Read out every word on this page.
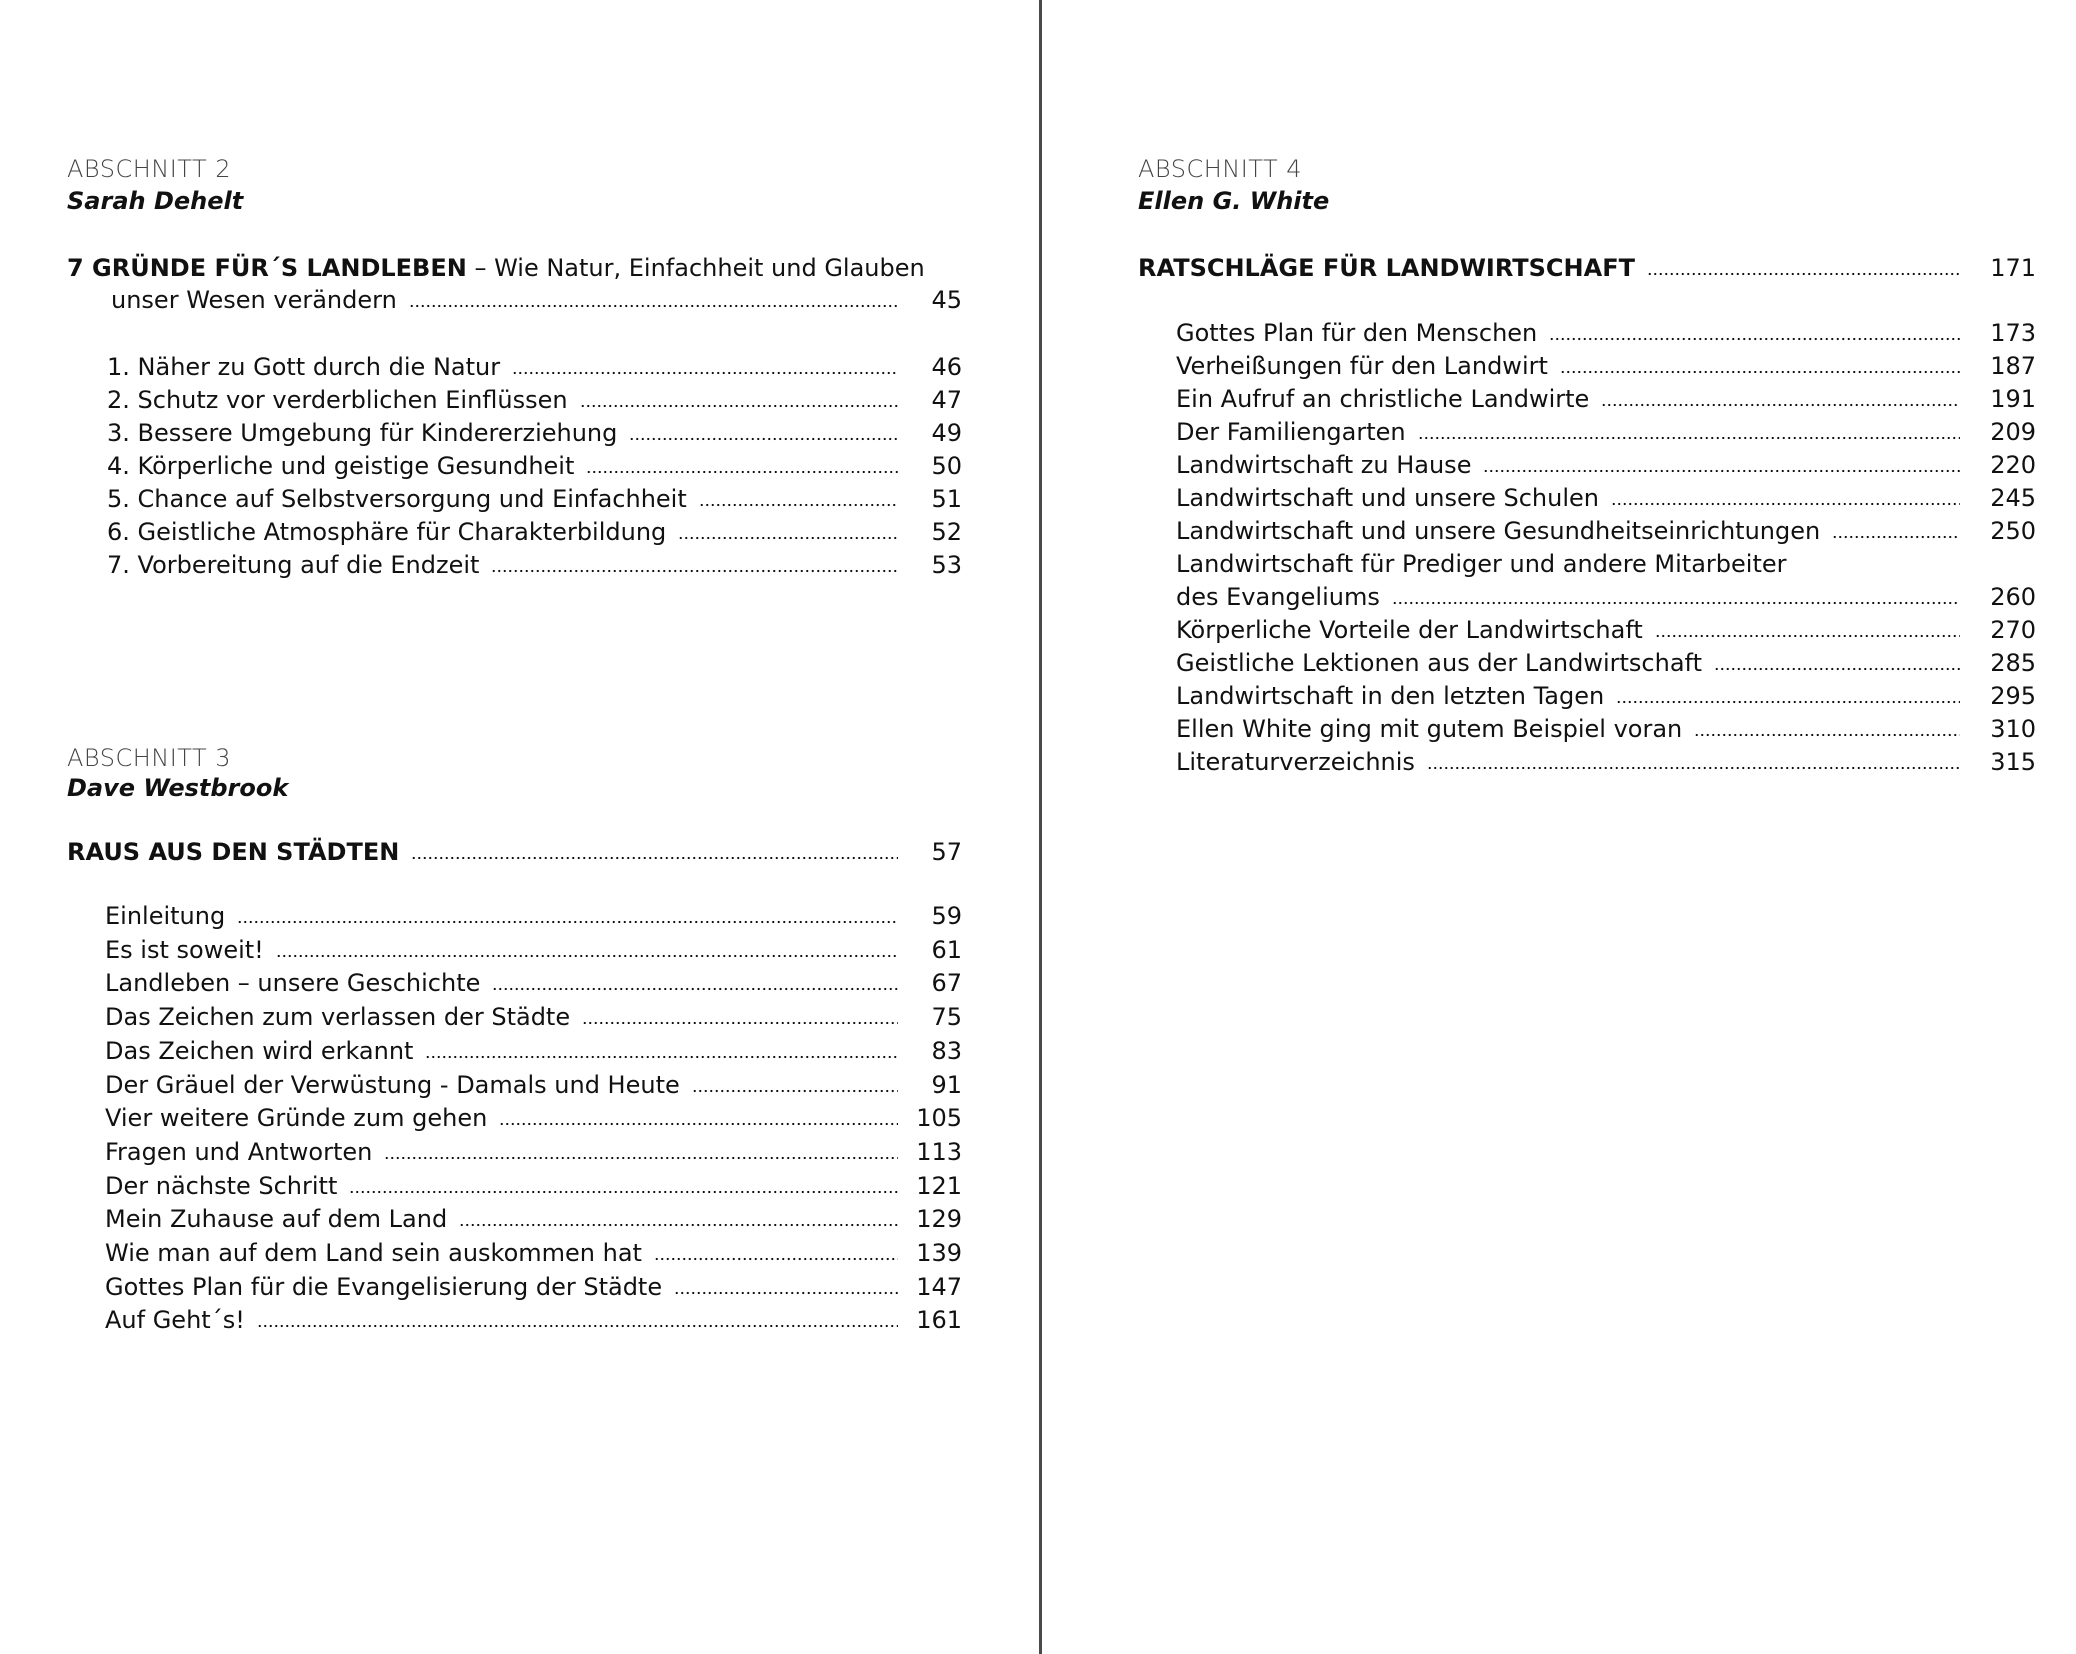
ABSCHNITT 2
Sarah Dehelt
7 GRÜNDE FÜR´S LANDLEBEN – Wie Natur, Einfachheit und Glauben
unser Wesen verändern	45
1. Näher zu Gott durch die Natur	46
2. Schutz vor verderblichen Einflüssen	47
3. Bessere Umgebung für Kindererziehung	49
4. Körperliche und geistige Gesundheit	50
5. Chance auf Selbstversorgung und Einfachheit	51
6. Geistliche Atmosphäre für Charakterbildung	52
7. Vorbereitung auf die Endzeit	53
ABSCHNITT 3
Dave Westbrook
RAUS AUS DEN STÄDTEN	57
Einleitung	59
Es ist soweit!	61
Landleben – unsere Geschichte	67
Das Zeichen zum verlassen der Städte	75
Das Zeichen wird erkannt	83
Der Gräuel der Verwüstung - Damals und Heute	91
Vier weitere Gründe zum gehen	105
Fragen und Antworten	113
Der nächste Schritt	121
Mein Zuhause auf dem Land	129
Wie man auf dem Land sein auskommen hat	139
Gottes Plan für die Evangelisierung der Städte	147
Auf Geht´s!	161
ABSCHNITT 4
Ellen G. White
RATSCHLÄGE FÜR LANDWIRTSCHAFT	171
Gottes Plan für den Menschen	173
Verheißungen für den Landwirt	187
Ein Aufruf an christliche Landwirte	191
Der Familiengarten	209
Landwirtschaft zu Hause	220
Landwirtschaft und unsere Schulen	245
Landwirtschaft und unsere Gesundheitseinrichtungen	250
Landwirtschaft für Prediger und andere Mitarbeiter
des Evangeliums	260
Körperliche Vorteile der Landwirtschaft	270
Geistliche Lektionen aus der Landwirtschaft	285
Landwirtschaft in den letzten Tagen	295
Ellen White ging mit gutem Beispiel voran	310
Literaturverzeichnis	315
